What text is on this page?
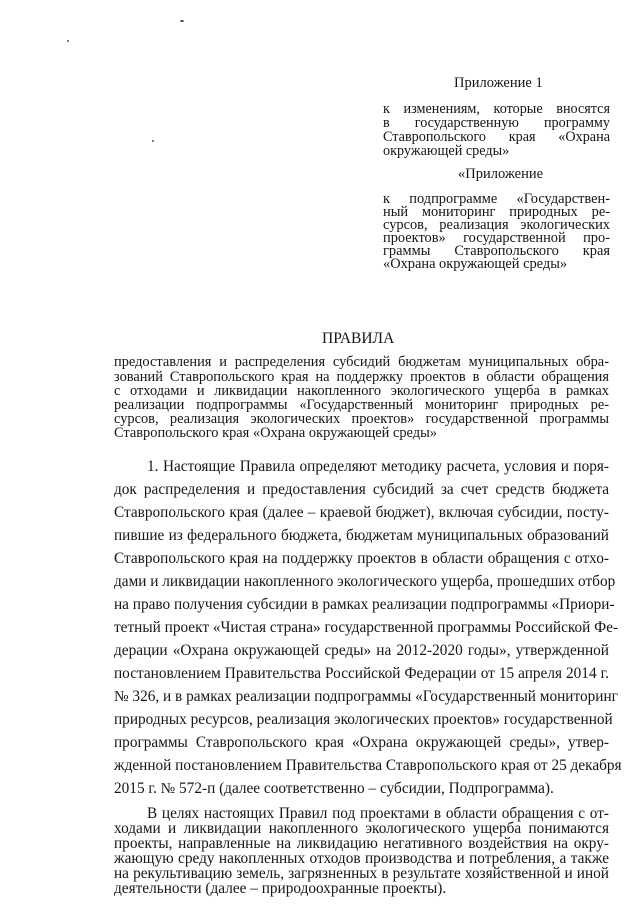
Приложение 1
к изменениям, которые вносятся
в государственную программу
Ставропольского края «Охрана
окружающей среды»
«Приложение
к подпрограмме «Государствен-
ный мониторинг природных ре-
сурсов, реализация экологических
проектов» государственной про-
граммы Ставропольского края
«Охрана окружающей среды»
ПРАВИЛА
предоставления и распределения субсидий бюджетам муниципальных обра-
зований Ставропольского края на поддержку проектов в области обращения
с отходами и ликвидации накопленного экологического ущерба в рамках
реализации подпрограммы «Государственный мониторинг природных ре-
сурсов, реализация экологических проектов» государственной программы
Ставропольского края «Охрана окружающей среды»
1. Настоящие Правила определяют методику расчета, условия и поря-
док распределения и предоставления субсидий за счет средств бюджета
Ставропольского края (далее – краевой бюджет), включая субсидии, посту-
пившие из федерального бюджета, бюджетам муниципальных образований
Ставропольского края на поддержку проектов в области обращения с отхо-
дами и ликвидации накопленного экологического ущерба, прошедших отбор
на право получения субсидии в рамках реализации подпрограммы «Приори-
тетный проект «Чистая страна» государственной программы Российской Фе-
дерации «Охрана окружающей среды» на 2012-2020 годы», утвержденной
постановлением Правительства Российской Федерации от 15 апреля 2014 г.
№ 326, и в рамках реализации подпрограммы «Государственный мониторинг
природных ресурсов, реализация экологических проектов» государственной
программы Ставропольского края «Охрана окружающей среды», утвер-
жденной постановлением Правительства Ставропольского края от 25 декабря
2015 г. № 572-п (далее соответственно – субсидии, Подпрограмма).
В целях настоящих Правил под проектами в области обращения с от-
ходами и ликвидации накопленного экологического ущерба понимаются
проекты, направленные на ликвидацию негативного воздействия на окру-
жающую среду накопленных отходов производства и потребления, а также
на рекультивацию земель, загрязненных в результате хозяйственной и иной
деятельности (далее – природоохранные проекты).
